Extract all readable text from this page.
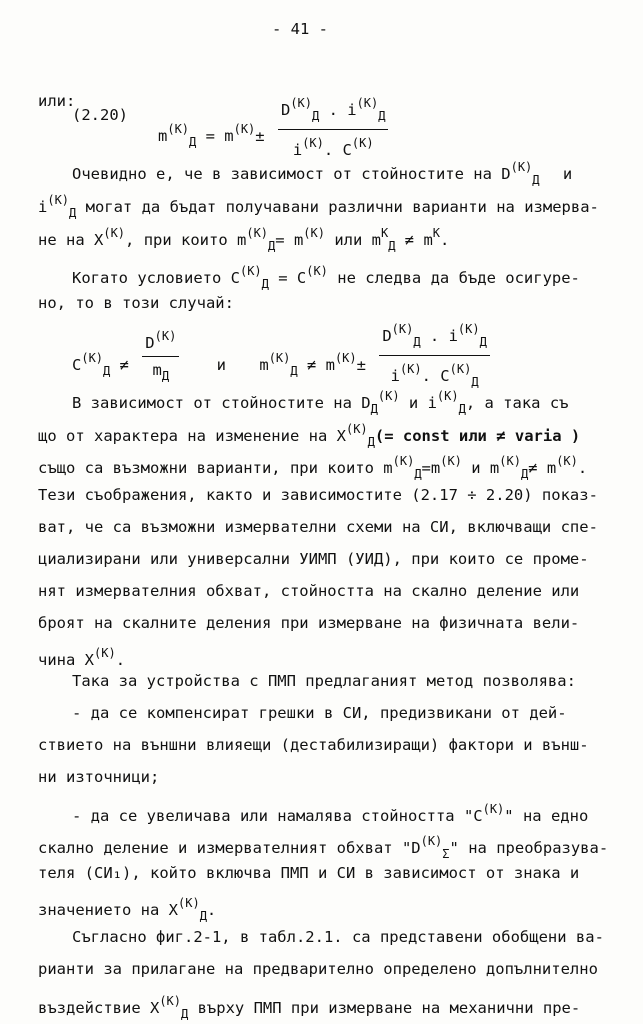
- 41 -
или:
(2.20)
$m^{(K)}_Д = m^{(K)}\pm \frac{D^{(K)}_Д . i^{(K)}_Д}{i^{(K)}. C^{(K)}}$
Очевидно е, че в зависимост от стойностите на $D^{(K)}_Д$ и
$i^{(K)}_Д$ могат да бъдат получавани различни варианти на измерва-
не на $X^{(K)}$, при които $m^{(K)}_Д= m^{(K)}$ или $m^K_Д \ne m^K$.
Когато условието $C^{(K)}_Д = C^{(K)}$ не следва да бъде осигуре-
но, то в този случай:
$C^{(K)}_Д \ne \frac{D^{(K)}}{m_Д}$ и $m^{(K)}_Д \ne m^{(K)}\pm \frac{D^{(K)}_Д . i^{(K)}_Д}{i^{(K)}. C^{(K)}_Д}$
В зависимост от стойностите на $D_Д^{(K)}$ и $i^{(K)}_Д$, а така съ
що от характера на изменение на $X^{(K)}_Д(=$ const или ≠ varia )
също са възможни варианти, при които $m^{(K)}_Д=m^{(K)}$ и $m^{(K)}_Д\ne m^{(K)}$.
Тези съображения, както и зависимостите (2.17 ÷ 2.20) показ-
ват, че са възможни измервателни схеми на СИ, включващи спе-
циализирани или универсални УИМП (УИД), при които се проме-
нят измервателния обхват, стойността на скално деление или
броят на скалните деления при измерване на физичната вели-
чина $X^{(K)}$.
Така за устройства с ПМП предлаганият метод позволява:
- да се компенсират грешки в СИ, предизвикани от дей-
ствието на външни влияещи (дестабилизиращи) фактори и външ-
ни източници;
- да се увеличава или намалява стойността "$C^{(K)}$" на едно
скално деление и измервателният обхват "$D^{(K)}_\Sigma$" на преобразува-
теля (СИ₁), който включва ПМП и СИ в зависимост от знака и
значението на $X^{(K)}_Д$.
Съгласно фиг.2-1, в табл.2.1. са представени обобщени ва-
рианти за прилагане на предварително определено допълнително
въздействие $X^{(K)}_Д$ върху ПМП при измерване на механични пре-
